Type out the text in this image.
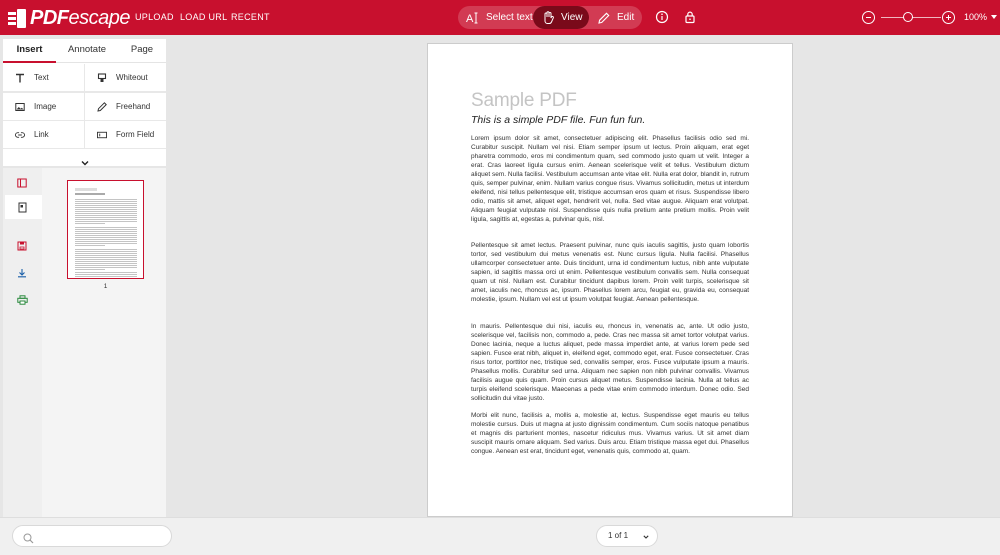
PDFescape UPLOAD LOAD URL RECENT	A Select text	View	Edit	100%
Insert	Annotate	Page
Text	Whiteout
Image	Freehand
Link	Form Field
1
Sample PDF
This is a simple PDF file. Fun fun fun.
Lorem ipsum dolor sit amet, consectetuer adipiscing elit. Phasellus facilisis odio sed mi. Curabitur suscipit. Nullam vel nisi. Etiam semper ipsum ut lectus. Proin aliquam, erat eget pharetra commodo, eros mi condimentum quam, sed commodo justo quam ut velit. Integer a erat. Cras laoreet ligula cursus enim. Aenean scelerisque velit et tellus. Vestibulum dictum aliquet sem. Nulla facilisi. Vestibulum accumsan ante vitae elit. Nulla erat dolor, blandit in, rutrum quis, semper pulvinar, enim. Nullam varius congue risus. Vivamus sollicitudin, metus ut interdum eleifend, nisi tellus pellentesque elit, tristique accumsan eros quam et risus. Suspendisse libero odio, mattis sit amet, aliquet eget, hendrerit vel, nulla. Sed vitae augue. Aliquam erat volutpat. Aliquam feugiat vulputate nisl. Suspendisse quis nulla pretium ante pretium mollis. Proin velit ligula, sagittis at, egestas a, pulvinar quis, nisl.
Pellentesque sit amet lectus. Praesent pulvinar, nunc quis iaculis sagittis, justo quam lobortis tortor, sed vestibulum dui metus venenatis est. Nunc cursus ligula. Nulla facilisi. Phasellus ullamcorper consectetuer ante. Duis tincidunt, urna id condimentum luctus, nibh ante vulputate sapien, id sagittis massa orci ut enim. Pellentesque vestibulum convallis sem. Nulla consequat quam ut nisl. Nullam est. Curabitur tincidunt dapibus lorem. Proin velit turpis, scelerisque sit amet, iaculis nec, rhoncus ac, ipsum. Phasellus lorem arcu, feugiat eu, gravida eu, consequat molestie, ipsum. Nullam vel est ut ipsum volutpat feugiat. Aenean pellentesque.
In mauris. Pellentesque dui nisi, iaculis eu, rhoncus in, venenatis ac, ante. Ut odio justo, scelerisque vel, facilisis non, commodo a, pede. Cras nec massa sit amet tortor volutpat varius. Donec lacinia, neque a luctus aliquet, pede massa imperdiet ante, at varius lorem pede sed sapien. Fusce erat nibh, aliquet in, eleifend eget, commodo eget, erat. Fusce consectetuer. Cras risus tortor, porttitor nec, tristique sed, convallis semper, eros. Fusce vulputate ipsum a mauris. Phasellus mollis. Curabitur sed urna. Aliquam nec sapien non nibh pulvinar convallis. Vivamus facilisis augue quis quam. Proin cursus aliquet metus. Suspendisse lacinia. Nulla at tellus ac turpis eleifend scelerisque. Maecenas a pede vitae enim commodo interdum. Donec odio. Sed sollicitudin dui vitae justo.
Morbi elit nunc, facilisis a, mollis a, molestie at, lectus. Suspendisse eget mauris eu tellus molestie cursus. Duis ut magna at justo dignissim condimentum. Cum sociis natoque penatibus et magnis dis parturient montes, nascetur ridiculus mus. Vivamus varius. Ut sit amet diam suscipit mauris ornare aliquam. Sed varius. Duis arcu. Etiam tristique massa eget dui. Phasellus congue. Aenean est erat, tincidunt eget, venenatis quis, commodo at, quam.
1 of 1
